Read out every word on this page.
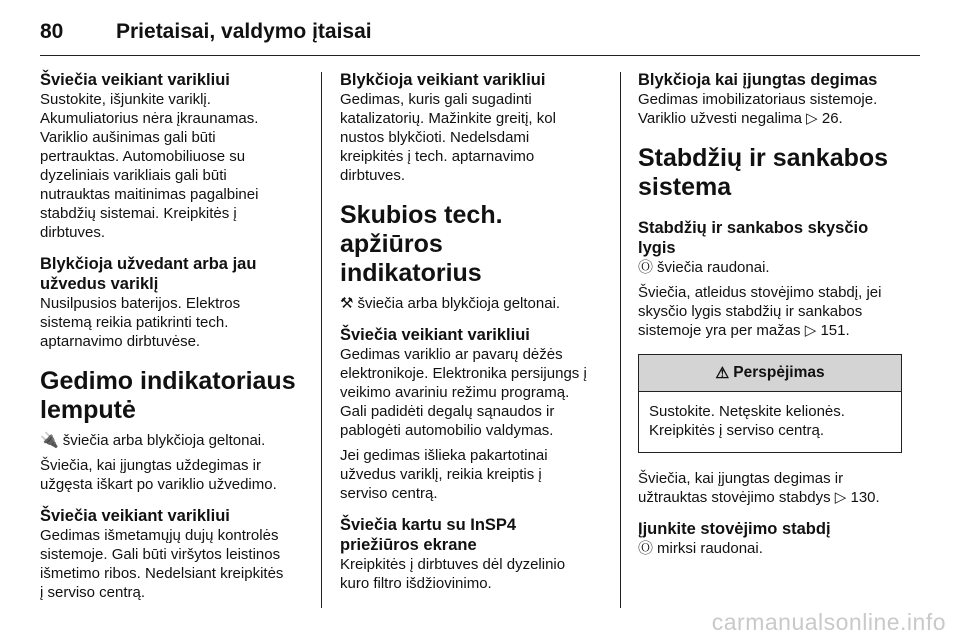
80	Prietaisai, valdymo įtaisai
Šviečia veikiant varikliui

Sustokite, išjunkite variklį.

Akumuliatorius nėra įkraunamas.

Variklio aušinimas gali būti

pertrauktas. Automobiliuose su

dyzeliniais varikliais gali būti

nutrauktas maitinimas pagalbinei

stabdžių sistemai. Kreipkitės į

dirbtuves.

Blykčioja užvedant arba jau
užvedus variklį

Nusilpusios baterijos. Elektros

sistemą reikia patikrinti tech.

aptarnavimo dirbtuvėse.

Gedimo indikatoriaus
lemputė

🔌 šviečia arba blykčioja geltonai.

Šviečia, kai įjungtas uždegimas ir

užgęsta iškart po variklio užvedimo.

Šviečia veikiant varikliui

Gedimas išmetamųjų dujų kontrolės

sistemoje. Gali būti viršytos leistinos

išmetimo ribos. Nedelsiant kreipkitės

į serviso centrą.

Blykčioja veikiant varikliui

Gedimas, kuris gali sugadinti

katalizatorių. Mažinkite greitį, kol

nustos blykčioti. Nedelsdami

kreipkitės į tech. aptarnavimo

dirbtuves.

Skubios tech. apžiūros
indikatorius

⚒ šviečia arba blykčioja geltonai.

Šviečia veikiant varikliui

Gedimas variklio ar pavarų dėžės

elektronikoje. Elektronika persijungs į

veikimo avariniu režimu programą.

Gali padidėti degalų sąnaudos ir

pablogėti automobilio valdymas.

Jei gedimas išlieka pakartotinai

užvedus variklį, reikia kreiptis į

serviso centrą.

Šviečia kartu su InSP4
priežiūros ekrane

Kreipkitės į dirbtuves dėl dyzelinio

kuro filtro išdžiovinimo.

Blykčioja kai įjungtas degimas

Gedimas imobilizatoriaus sistemoje.

Variklio užvesti negalima ▷ 26.

Stabdžių ir sankabos
sistema
Stabdžių ir sankabos skysčio
lygis

Ⓞ šviečia raudonai.

Šviečia, atleidus stovėjimo stabdį, jei

skysčio lygis stabdžių ir sankabos

sistemoje yra per mažas ▷ 151.

⚠ Perspėjimas

Sustokite. Netęskite kelionės.

Kreipkitės į serviso centrą.

Šviečia, kai įjungtas degimas ir

užtrauktas stovėjimo stabdys ▷ 130.

Įjunkite stovėjimo stabdį

Ⓞ mirksi raudonai.

carmanualsonline.info
